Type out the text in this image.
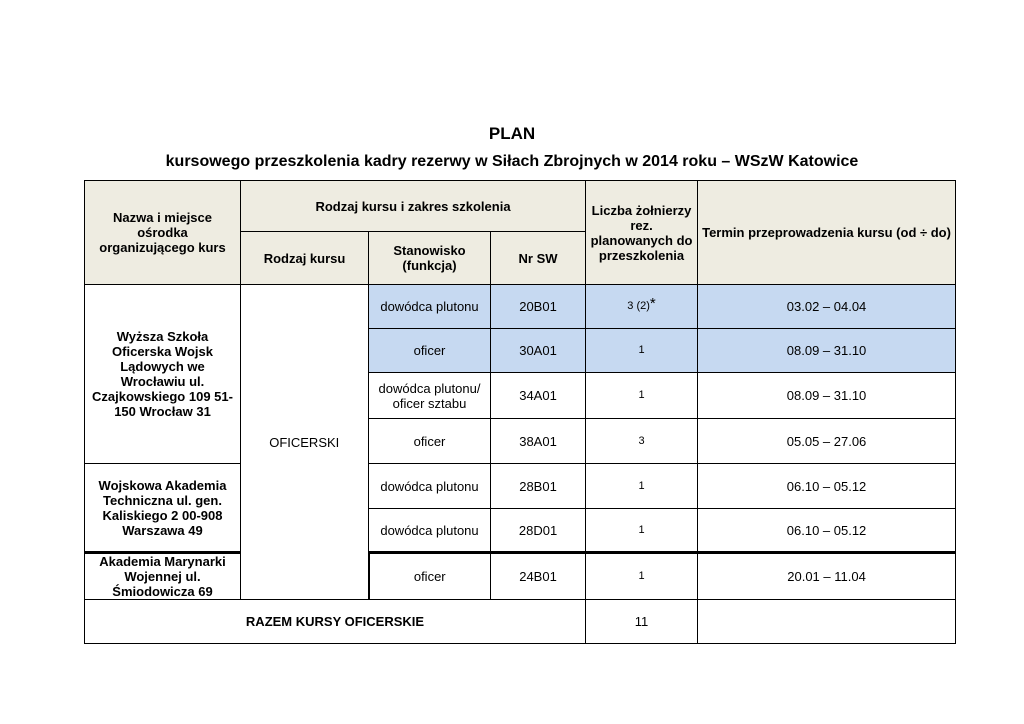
PLAN
kursowego przeszkolenia kadry rezerwy w Siłach Zbrojnych w 2014 roku – WSzW Katowice
Nazwa i miejsce ośrodka organizującego kurs	Rodzaj kursu i zakres szkolenia			Liczba żołnierzy rez. planowanych do przeszkolenia	Termin przeprowadzenia kursu (od ÷ do)
	Rodzaj kursu	Stanowisko (funkcja)	Nr SW		
Wyższa Szkoła Oficerska Wojsk Lądowych we Wrocławiu ul. Czajkowskiego 109 51-150 Wrocław 31	OFICERSKI	dowódca plutonu	20B01	3 (2)*	03.02 – 04.04
		oficer	30A01	1	08.09 – 31.10
		dowódca plutonu/ oficer sztabu	34A01	1	08.09 – 31.10
		oficer	38A01	3	05.05 – 27.06
Wojskowa Akademia Techniczna ul. gen. Kaliskiego 2 00-908 Warszawa 49		dowódca plutonu	28B01	1	06.10 – 05.12
		dowódca plutonu	28D01	1	06.10 – 05.12
Akademia Marynarki Wojennej ul. Śmiodowicza 69		oficer	24B01	1	20.01 – 11.04
RAZEM KURSY OFICERSKIE				11	
